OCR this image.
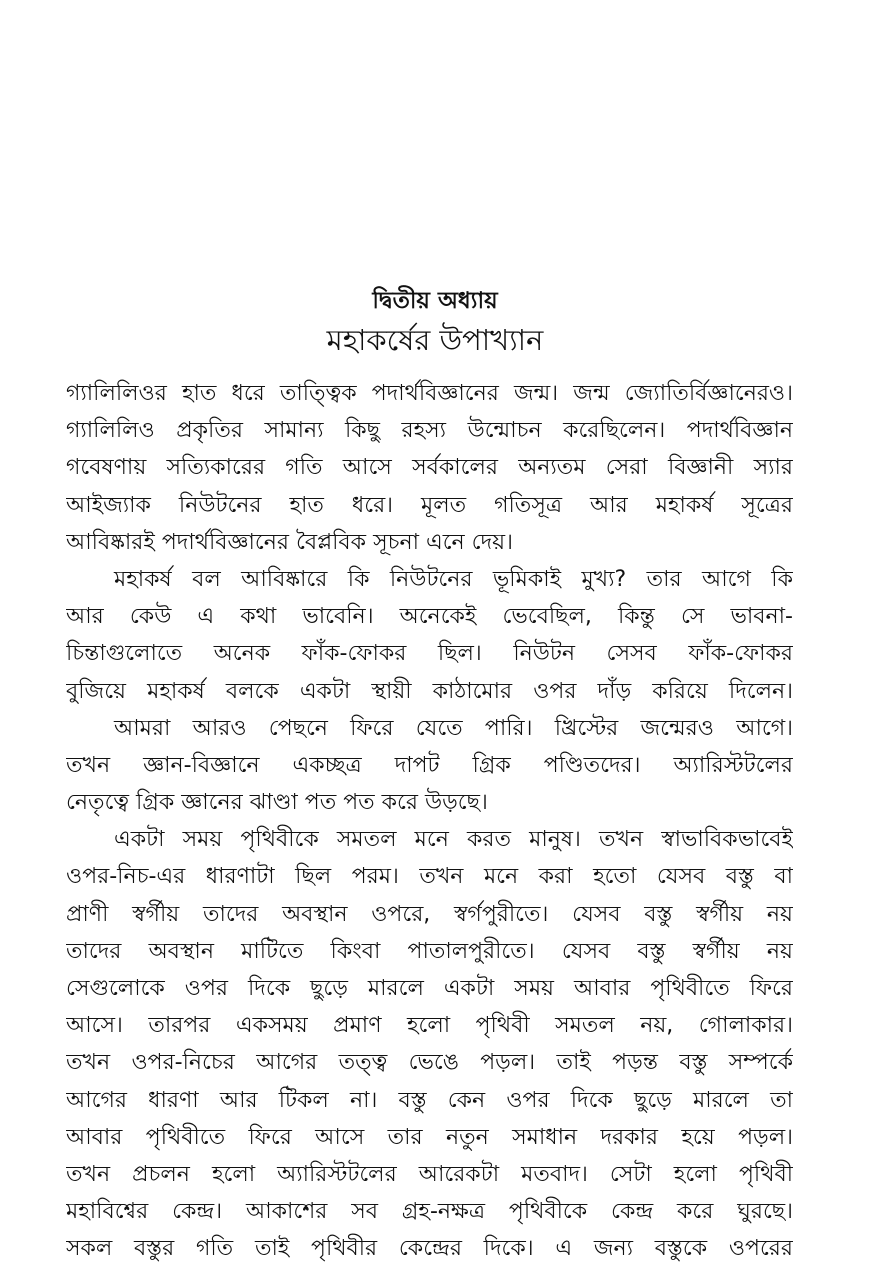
দ্বিতীয় অধ্যায়
মহাকর্ষের উপাখ্যান
গ্যালিলিওর হাত ধরে তাত্ত্বিক পদার্থবিজ্ঞানের জন্ম। জন্ম জ্যোতির্বিজ্ঞানেরও।
গ্যালিলিও প্রকৃতির সামান্য কিছু রহস্য উন্মোচন করেছিলেন। পদার্থবিজ্ঞান
গবেষণায় সত্যিকারের গতি আসে সর্বকালের অন্যতম সেরা বিজ্ঞানী স্যার
আইজ্যাক নিউটনের হাত ধরে। মূলত গতিসূত্র আর মহাকর্ষ সূত্রের
আবিষ্কারই পদার্থবিজ্ঞানের বৈপ্লবিক সূচনা এনে দেয়।
মহাকর্ষ বল আবিষ্কারে কি নিউটনের ভূমিকাই মুখ্য? তার আগে কি
আর কেউ এ কথা ভাবেনি। অনেকেই ভেবেছিল, কিন্তু সে ভাবনা-
চিন্তাগুলোতে অনেক ফাঁক-ফোকর ছিল। নিউটন সেসব ফাঁক-ফোকর
বুজিয়ে মহাকর্ষ বলকে একটা স্থায়ী কাঠামোর ওপর দাঁড় করিয়ে দিলেন।
আমরা আরও পেছনে ফিরে যেতে পারি। খ্রিস্টের জন্মেরও আগে।
তখন জ্ঞান-বিজ্ঞানে একচ্ছত্র দাপট গ্রিক পণ্ডিতদের। অ্যারিস্টটলের
নেতৃত্বে গ্রিক জ্ঞানের ঝাণ্ডা পত পত করে উড়ছে।
একটা সময় পৃথিবীকে সমতল মনে করত মানুষ। তখন স্বাভাবিকভাবেই
ওপর-নিচ-এর ধারণাটা ছিল পরম। তখন মনে করা হতো যেসব বস্তু বা
প্রাণী স্বর্গীয় তাদের অবস্থান ওপরে, স্বর্গপুরীতে। যেসব বস্তু স্বর্গীয় নয়
তাদের অবস্থান মাটিতে কিংবা পাতালপুরীতে। যেসব বস্তু স্বর্গীয় নয়
সেগুলোকে ওপর দিকে ছুড়ে মারলে একটা সময় আবার পৃথিবীতে ফিরে
আসে। তারপর একসময় প্রমাণ হলো পৃথিবী সমতল নয়, গোলাকার।
তখন ওপর-নিচের আগের তত্ত্ব ভেঙে পড়ল। তাই পড়ন্ত বস্তু সম্পর্কে
আগের ধারণা আর টিকল না। বস্তু কেন ওপর দিকে ছুড়ে মারলে তা
আবার পৃথিবীতে ফিরে আসে তার নতুন সমাধান দরকার হয়ে পড়ল।
তখন প্রচলন হলো অ্যারিস্টটলের আরেকটা মতবাদ। সেটা হলো পৃথিবী
মহাবিশ্বের কেন্দ্র। আকাশের সব গ্রহ-নক্ষত্র পৃথিবীকে কেন্দ্র করে ঘুরছে।
সকল বস্তুর গতি তাই পৃথিবীর কেন্দ্রের দিকে। এ জন্য বস্তুকে ওপরের
